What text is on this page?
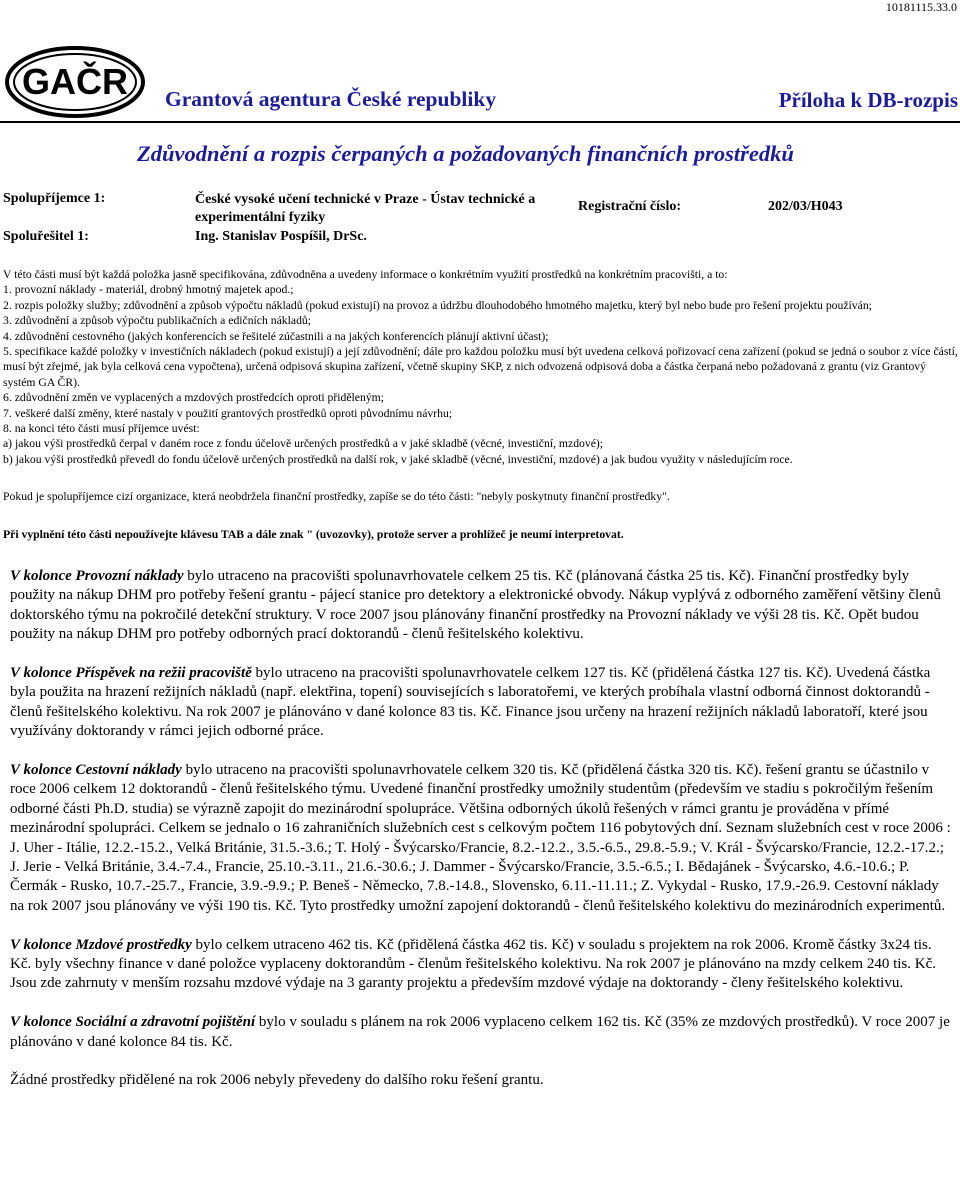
10181115.33.0
GAČR Grantová agentura České republiky	Příloha k DB-rozpis
Zdůvodnění a rozpis čerpaných a požadovaných finančních prostředků
Spolupříjemce 1:	České vysoké učení technické v Praze - Ústav technické a experimentální fyziky
Registrační číslo:	202/03/H043
Spoluřešitel 1:	Ing. Stanislav Pospíšil, DrSc.
V této části musí být každá položka jasně specifikována, zdůvodněna a uvedeny informace o konkrétním využití prostředků na konkrétním pracovišti, a to:
1. provozní náklady - materiál, drobný hmotný majetek apod.;
2. rozpis položky služby; zdůvodnění a způsob výpočtu nákladů (pokud existují) na provoz a údržbu dlouhodobého hmotného majetku, který byl nebo bude pro řešení projektu používán;
3. zdůvodnění a způsob výpočtu publikačních a edičních nákladů;
4. zdůvodnění cestovného (jakých konferencích se řešitelé zúčastnili a na jakých konferencích plánují aktivní účast);
5. specifikace každé položky v investičních nákladech (pokud existují) a její zdůvodnění; dále pro každou položku musí být uvedena celková pořizovací cena zařízení (pokud se jedná o soubor z více částí, musí být zřejmé, jak byla celková cena vypočtena), určená odpisová skupina zařízení, včetně skupiny SKP, z nich odvozená odpisová doba a částka čerpaná nebo požadovaná z grantu (viz Grantový systém GA ČR).
6. zdůvodnění změn ve vyplacených a mzdových prostředcích oproti přiděleným;
7. veškeré další změny, které nastaly v použití grantových prostředků oproti původnímu návrhu;
8. na konci této části musí příjemce uvést:
a) jakou výši prostředků čerpal v daném roce z fondu účelově určených prostředků a v jaké skladbě (věcné, investiční, mzdové);
b) jakou výši prostředků převedl do fondu účelově určených prostředků na další rok, v jaké skladbě (věcné, investiční, mzdové) a jak budou využity v následujícím roce.
Pokud je spolupříjemce cizí organizace, která neobdržela finanční prostředky, zapíše se do této části: "nebyly poskytnuty finanční prostředky".
Při vyplnění této části nepoužívejte klávesu TAB a dále znak " (uvozovky), protože server a prohlížeč je neumí interpretovat.

V kolonce Provozní náklady bylo utraceno na pracovišti spolunavrhovatele celkem 25 tis. Kč (plánovaná částka 25 tis. Kč). Finanční prostředky byly použity na nákup DHM pro potřeby řešení grantu - pájecí stanice pro detektory a elektronické obvody. Nákup vyplývá z odborného zaměření většiny členů doktorského týmu na pokročilé detekční struktury. V roce 2007 jsou plánovány finanční prostředky na Provozní náklady ve výši 28 tis. Kč. Opět budou použity na nákup DHM pro potřeby odborných prací doktorandů - členů řešitelského kolektivu.

V kolonce Příspěvek na režii pracoviště bylo utraceno na pracovišti spolunavrhovatele celkem 127 tis. Kč (přidělená částka 127 tis. Kč). Uvedená částka byla použita na hrazení režijních nákladů (např. elektřina, topení) souvisejících s laboratořemi, ve kterých probíhala vlastní odborná činnost doktorandů - členů řešitelského kolektivu. Na rok 2007 je plánováno v dané kolonce 83 tis. Kč. Finance jsou určeny na hrazení režijních nákladů laboratoří, které jsou využívány doktorandy v rámci jejich odborné práce.

V kolonce Cestovní náklady bylo utraceno na pracovišti spolunavrhovatele celkem 320 tis. Kč (přidělená částka 320 tis. Kč). řešení grantu se účastnilo v roce 2006 celkem 12 doktorandů - členů řešitelského týmu. Uvedené finanční prostředky umožnily studentům (především ve stadiu s pokročilým řešením odborné části Ph.D. studia) se výrazně zapojit do mezinárodní spolupráce. Většina odborných úkolů řešených v rámci grantu je prováděna v přímé mezinárodní spolupráci. Celkem se jednalo o 16 zahraničních služebních cest s celkovým počtem 116 pobytových dní. Seznam služebních cest v roce 2006 : J. Uher - Itálie, 12.2.-15.2., Velká Británie, 31.5.-3.6.; T. Holý - Švýcarsko/Francie, 8.2.-12.2., 3.5.-6.5., 29.8.-5.9.; V. Král - Švýcarsko/Francie, 12.2.-17.2.; J. Jerie - Velká Británie, 3.4.-7.4., Francie, 25.10.-3.11., 21.6.-30.6.; J. Dammer - Švýcarsko/Francie, 3.5.-6.5.; I. Bědajánek - Švýcarsko, 4.6.-10.6.; P. Čermák - Rusko, 10.7.-25.7., Francie, 3.9.-9.9.; P. Beneš - Německo, 7.8.-14.8., Slovensko, 6.11.-11.11.; Z. Vykydal - Rusko, 17.9.-26.9. Cestovní náklady na rok 2007 jsou plánovány ve výši 190 tis. Kč. Tyto prostředky umožní zapojení doktorandů - členů řešitelského kolektivu do mezinárodních experimentů.

V kolonce Mzdové prostředky bylo celkem utraceno 462 tis. Kč (přidělená částka 462 tis. Kč) v souladu s projektem na rok 2006. Kromě částky 3x24 tis. Kč. byly všechny finance v dané položce vyplaceny doktorandům - členům řešitelského kolektivu. Na rok 2007 je plánováno na mzdy celkem 240 tis. Kč. Jsou zde zahrnuty v menším rozsahu mzdové výdaje na 3 garanty projektu a především mzdové výdaje na doktorandy - členy řešitelského kolektivu.

V kolonce Sociální a zdravotní pojištění bylo v souladu s plánem na rok 2006 vyplaceno celkem 162 tis. Kč (35% ze mzdových prostředků). V roce 2007 je plánováno v dané kolonce 84 tis. Kč.

Žádné prostředky přidělené na rok 2006 nebyly převedeny do dalšího roku řešení grantu.
